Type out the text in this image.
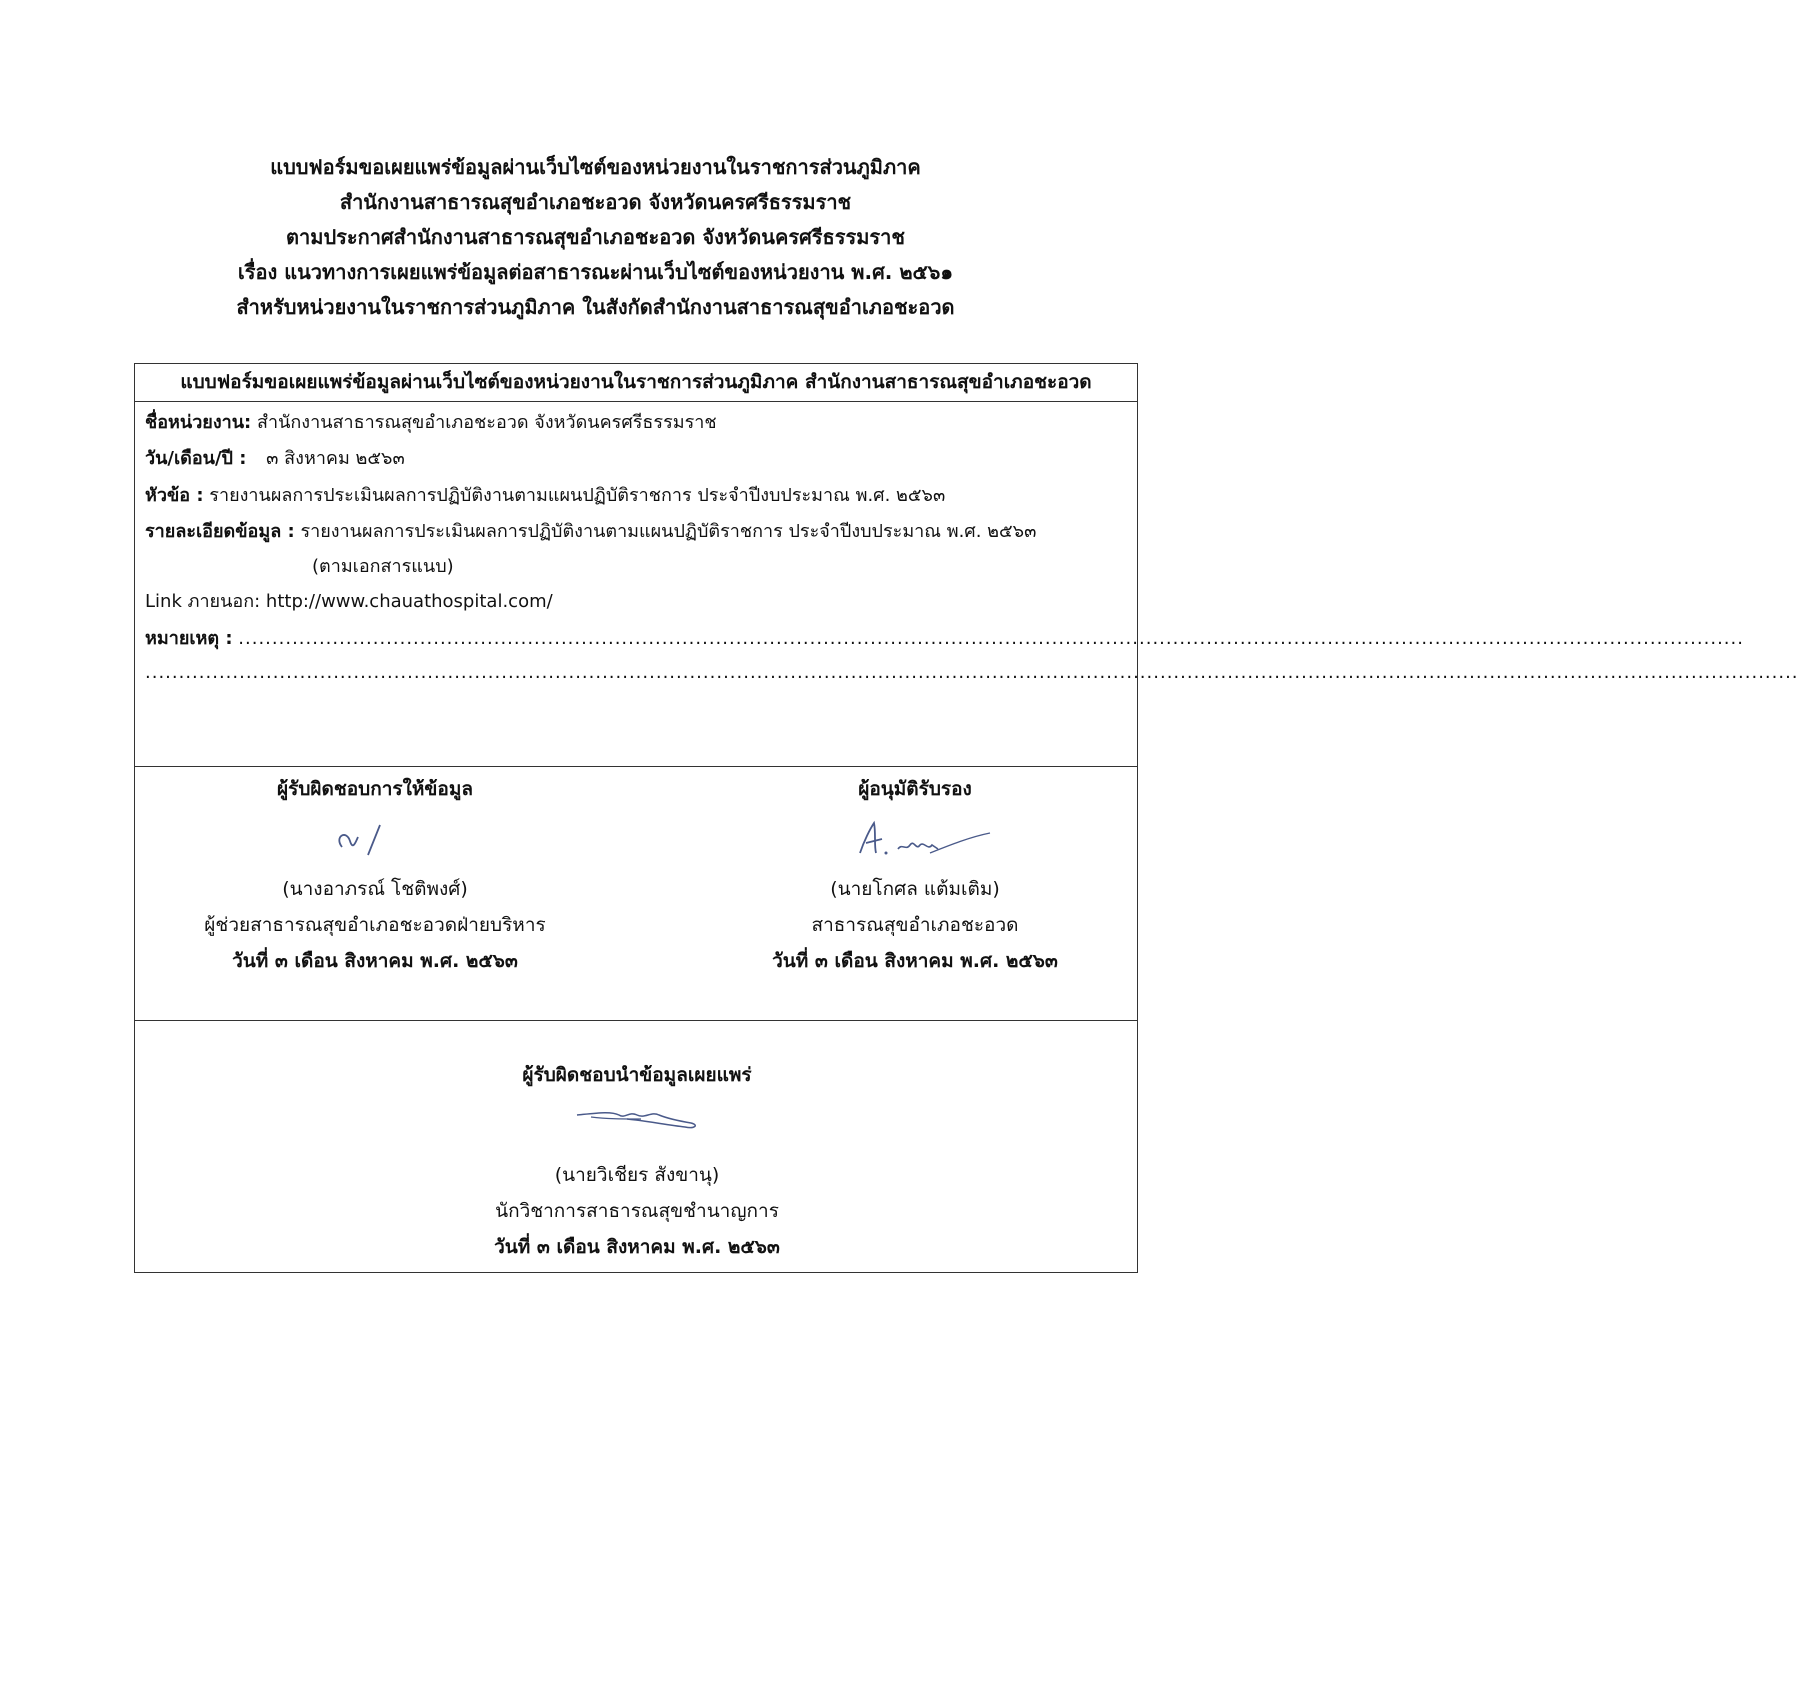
แบบฟอร์มขอเผยแพร่ข้อมูลผ่านเว็บไซต์ของหน่วยงานในราชการส่วนภูมิภาค
สำนักงานสาธารณสุขอำเภอชะอวด จังหวัดนครศรีธรรมราช
ตามประกาศสำนักงานสาธารณสุขอำเภอชะอวด จังหวัดนครศรีธรรมราช
เรื่อง แนวทางการเผยแพร่ข้อมูลต่อสาธารณะผ่านเว็บไซต์ของหน่วยงาน พ.ศ. ๒๕๖๑
สำหรับหน่วยงานในราชการส่วนภูมิภาค ในสังกัดสำนักงานสาธารณสุขอำเภอชะอวด
แบบฟอร์มขอเผยแพร่ข้อมูลผ่านเว็บไซต์ของหน่วยงานในราชการส่วนภูมิภาค สำนักงานสาธารณสุขอำเภอชะอวด
ชื่อหน่วยงาน: สำนักงานสาธารณสุขอำเภอชะอวด จังหวัดนครศรีธรรมราช
วัน/เดือน/ปี : ๓ สิงหาคม ๒๕๖๓
หัวข้อ : รายงานผลการประเมินผลการปฏิบัติงานตามแผนปฏิบัติราชการ ประจำปีงบประมาณ พ.ศ. ๒๕๖๓
รายละเอียดข้อมูล : รายงานผลการประเมินผลการปฏิบัติงานตามแผนปฏิบัติราชการ ประจำปีงบประมาณ พ.ศ. ๒๕๖๓
(ตามเอกสารแนบ)
Link ภายนอก: http://www.chauathospital.com/
หมายเหตุ : ................................................................................................................................................................................................................................
......................................................................................................................................................................................................................................................
ผู้รับผิดชอบการให้ข้อมูล
(นางอาภรณ์ โชติพงศ์)
ผู้ช่วยสาธารณสุขอำเภอชะอวดฝ่ายบริหาร
วันที่ ๓ เดือน สิงหาคม พ.ศ. ๒๕๖๓
ผู้อนุมัติรับรอง
(นายโกศล แต้มเติม)
สาธารณสุขอำเภอชะอวด
วันที่ ๓ เดือน สิงหาคม พ.ศ. ๒๕๖๓
ผู้รับผิดชอบนำข้อมูลเผยแพร่
(นายวิเชียร สังขานุ)
นักวิชาการสาธารณสุขชำนาญการ
วันที่ ๓ เดือน สิงหาคม พ.ศ. ๒๕๖๓
